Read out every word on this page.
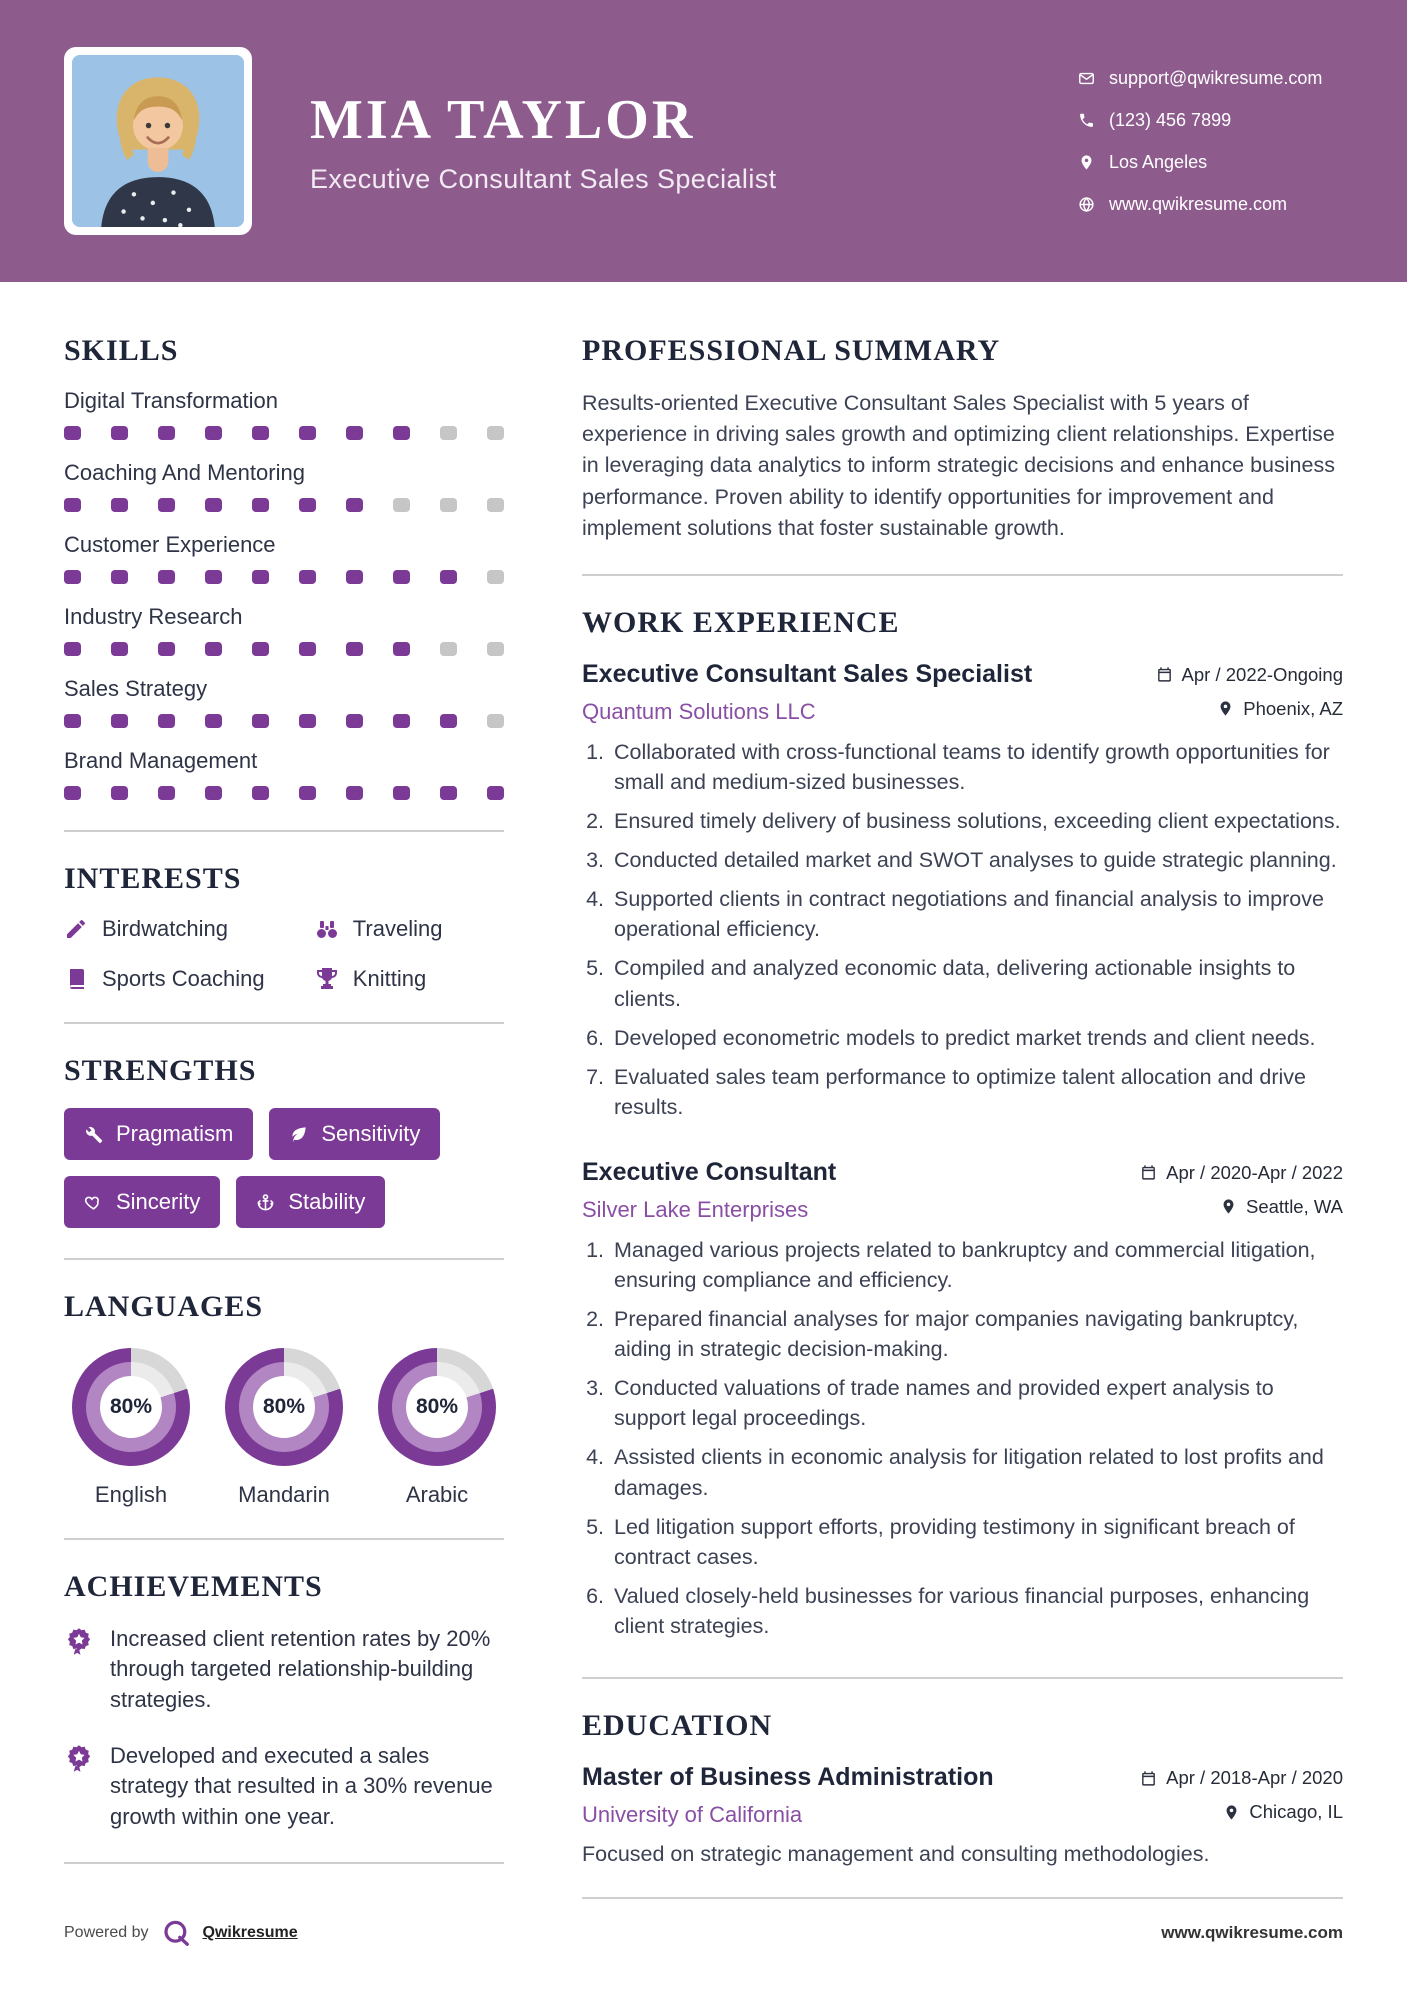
MIA TAYLOR
Executive Consultant Sales Specialist
support@qwikresume.com
(123) 456 7899
Los Angeles
www.qwikresume.com
SKILLS
Digital Transformation
Coaching And Mentoring
Customer Experience
Industry Research
Sales Strategy
Brand Management
INTERESTS
Birdwatching	Traveling
Sports Coaching	Knitting
STRENGTHS
Pragmatism	Sensitivity
Sincerity	Stability
LANGUAGES
80%
English
80%
Mandarin
80%
Arabic
ACHIEVEMENTS
Increased client retention rates by 20% through targeted relationship-building strategies.
Developed and executed a sales strategy that resulted in a 30% revenue growth within one year.
PROFESSIONAL SUMMARY

Results-oriented Executive Consultant Sales Specialist with 5 years of experience in driving sales growth and optimizing client relationships. Expertise in leveraging data analytics to inform strategic decisions and enhance business performance. Proven ability to identify opportunities for improvement and implement solutions that foster sustainable growth.

WORK EXPERIENCE
Executive Consultant Sales Specialist
Quantum Solutions LLC
Apr / 2022-Ongoing
Phoenix, AZ
1. Collaborated with cross-functional teams to identify growth opportunities for small and medium-sized businesses.
2. Ensured timely delivery of business solutions, exceeding client expectations.
3. Conducted detailed market and SWOT analyses to guide strategic planning.
4. Supported clients in contract negotiations and financial analysis to improve operational efficiency.
5. Compiled and analyzed economic data, delivering actionable insights to clients.
6. Developed econometric models to predict market trends and client needs.
7. Evaluated sales team performance to optimize talent allocation and drive results.
Executive Consultant
Silver Lake Enterprises
Apr / 2020-Apr / 2022
Seattle, WA
1. Managed various projects related to bankruptcy and commercial litigation, ensuring compliance and efficiency.
2. Prepared financial analyses for major companies navigating bankruptcy, aiding in strategic decision-making.
3. Conducted valuations of trade names and provided expert analysis to support legal proceedings.
4. Assisted clients in economic analysis for litigation related to lost profits and damages.
5. Led litigation support efforts, providing testimony in significant breach of contract cases.
6. Valued closely-held businesses for various financial purposes, enhancing client strategies.
EDUCATION
Master of Business Administration
University of California
Apr / 2018-Apr / 2020
Chicago, IL

Focused on strategic management and consulting methodologies.

Powered by	Qwikresume	www.qwikresume.com
